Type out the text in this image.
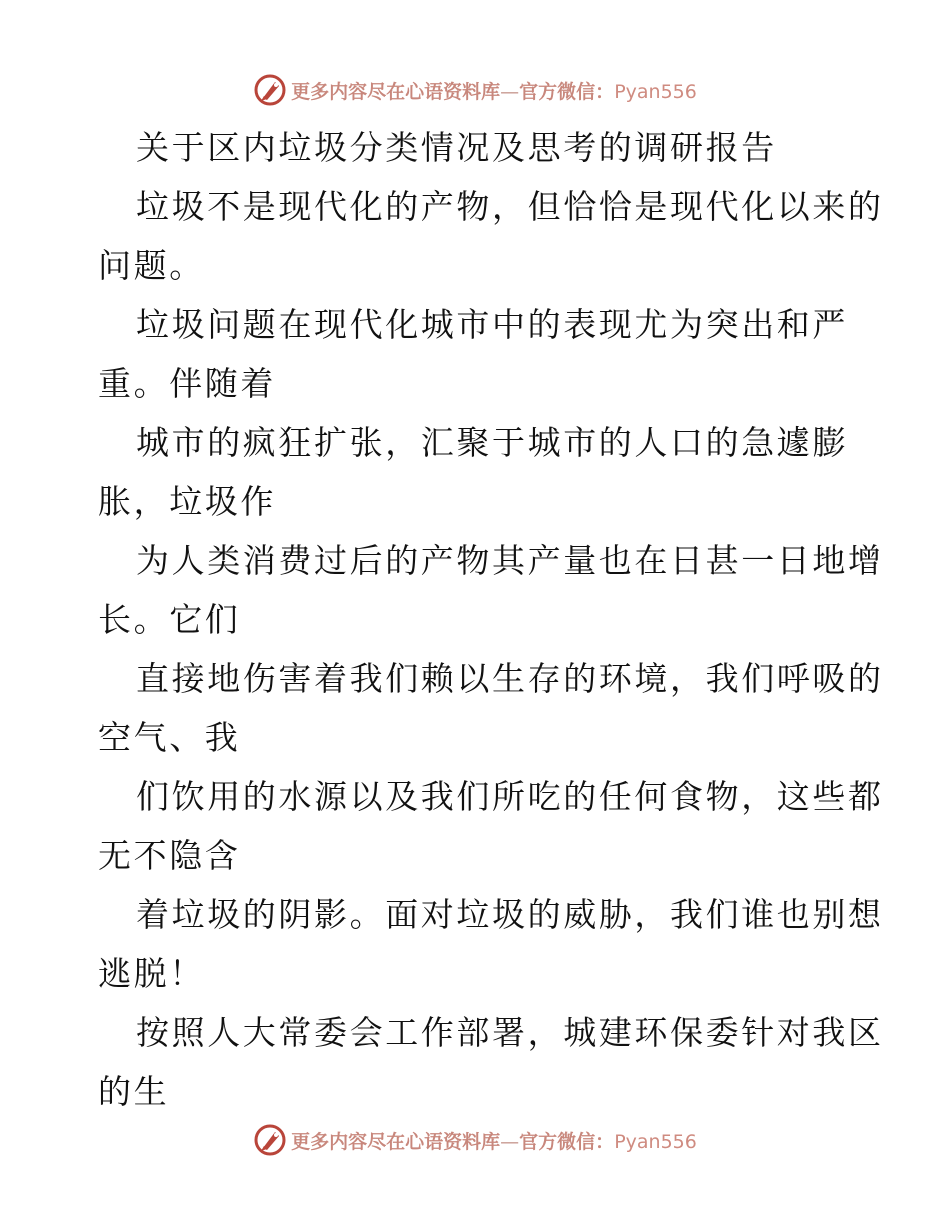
更多内容尽在心语资料库—官方微信：Pyan556
关于区内垃圾分类情况及思考的调研报告
垃圾不是现代化的产物，但恰恰是现代化以来的
问题。
垃圾问题在现代化城市中的表现尤为突出和严
重。伴随着
城市的疯狂扩张，汇聚于城市的人口的急遽膨
胀，垃圾作
为人类消费过后的产物其产量也在日甚一日地增
长。它们
直接地伤害着我们赖以生存的环境，我们呼吸的
空气、我
们饮用的水源以及我们所吃的任何食物，这些都
无不隐含
着垃圾的阴影。面对垃圾的威胁，我们谁也别想
逃脱！
按照人大常委会工作部署，城建环保委针对我区
的生
更多内容尽在心语资料库—官方微信：Pyan556
